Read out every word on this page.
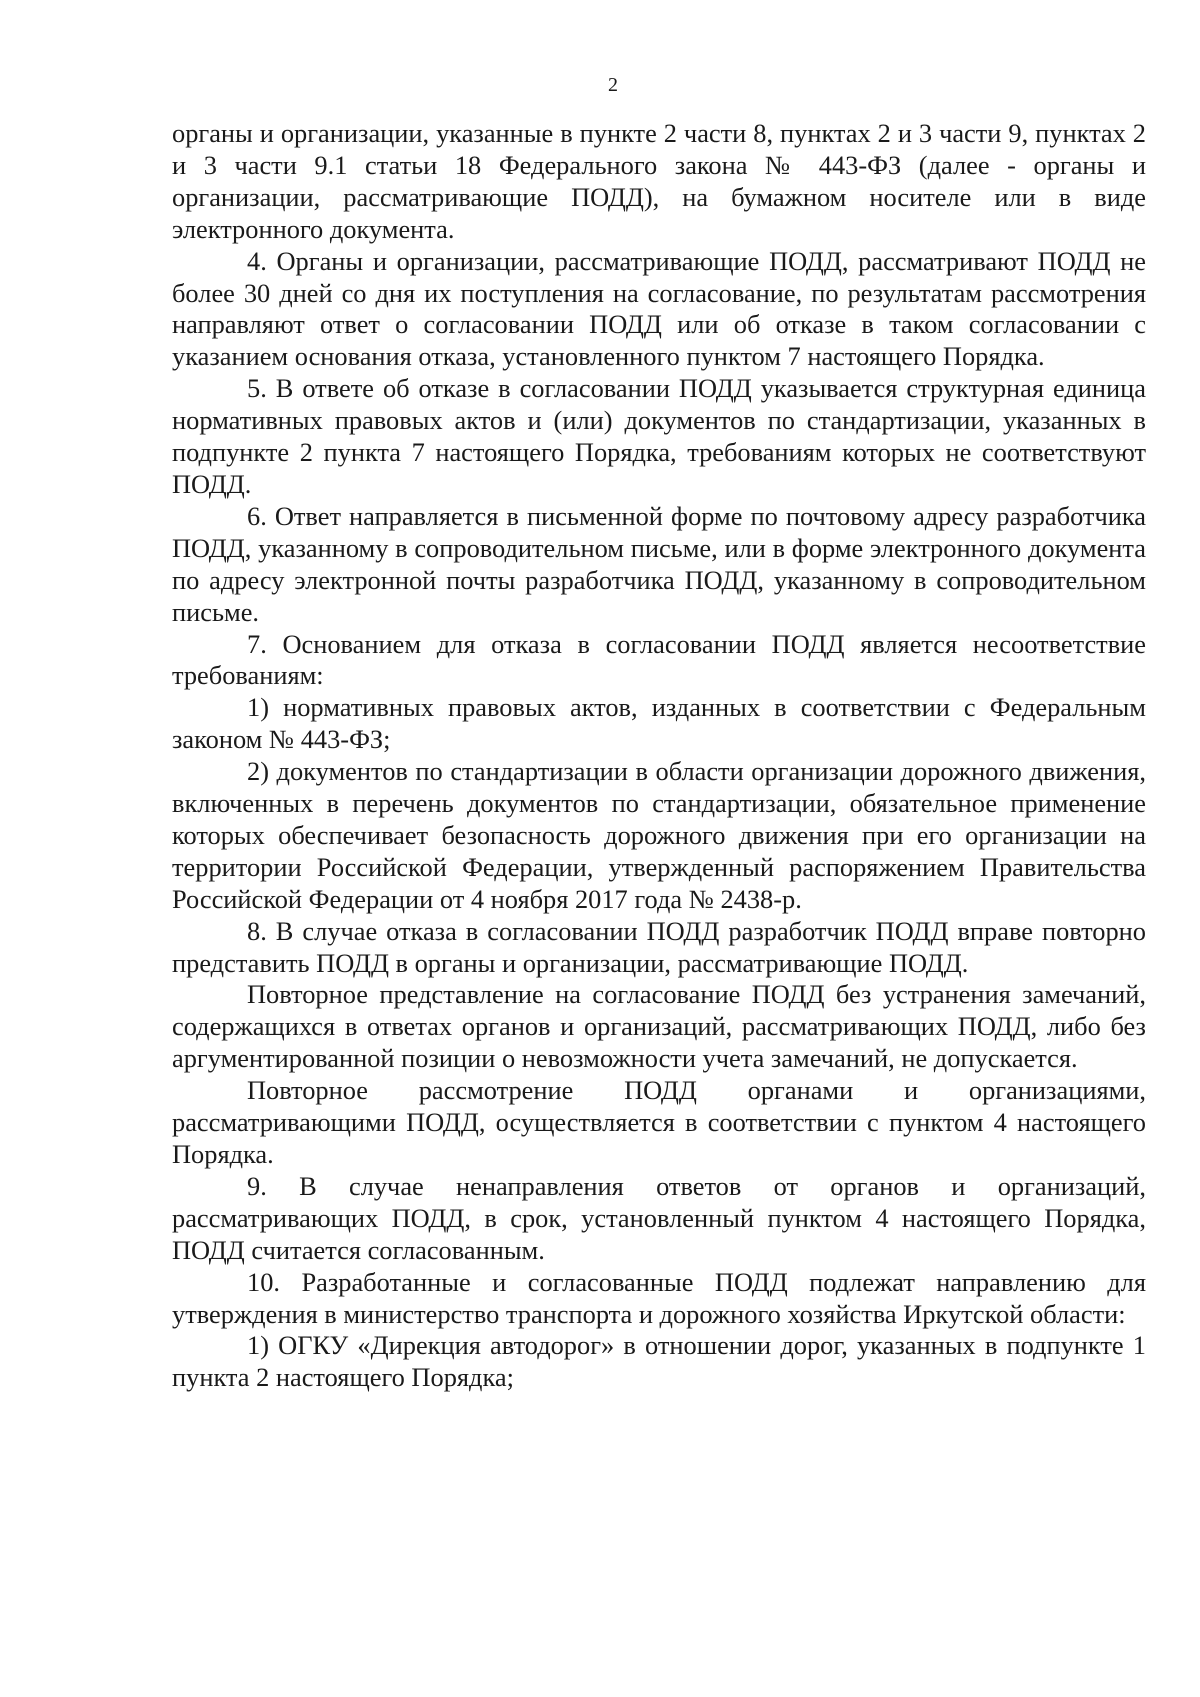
2

органы и организации, указанные в пункте 2 части 8, пунктах 2 и 3 части 9, пунктах 2 и 3 части 9.1 статьи 18 Федерального закона № 443-ФЗ (далее - органы и организации, рассматривающие ПОДД), на бумажном носителе или в виде электронного документа.

4. Органы и организации, рассматривающие ПОДД, рассматривают ПОДД не более 30 дней со дня их поступления на согласование, по результатам рассмотрения направляют ответ о согласовании ПОДД или об отказе в таком согласовании с указанием основания отказа, установленного пунктом 7 настоящего Порядка.

5. В ответе об отказе в согласовании ПОДД указывается структурная единица нормативных правовых актов и (или) документов по стандартизации, указанных в подпункте 2 пункта 7 настоящего Порядка, требованиям которых не соответствуют ПОДД.

6. Ответ направляется в письменной форме по почтовому адресу разработчика ПОДД, указанному в сопроводительном письме, или в форме электронного документа по адресу электронной почты разработчика ПОДД, указанному в сопроводительном письме.

7. Основанием для отказа в согласовании ПОДД является несоответствие требованиям:

1) нормативных правовых актов, изданных в соответствии с Федеральным законом № 443-ФЗ;

2) документов по стандартизации в области организации дорожного движения, включенных в перечень документов по стандартизации, обязательное применение которых обеспечивает безопасность дорожного движения при его организации на территории Российской Федерации, утвержденный распоряжением Правительства Российской Федерации от 4 ноября 2017 года № 2438-р.

8. В случае отказа в согласовании ПОДД разработчик ПОДД вправе повторно представить ПОДД в органы и организации, рассматривающие ПОДД.

Повторное представление на согласование ПОДД без устранения замечаний, содержащихся в ответах органов и организаций, рассматривающих ПОДД, либо без аргументированной позиции о невозможности учета замечаний, не допускается.

Повторное рассмотрение ПОДД органами и организациями, рассматривающими ПОДД, осуществляется в соответствии с пунктом 4 настоящего Порядка.

9. В случае ненаправления ответов от органов и организаций, рассматривающих ПОДД, в срок, установленный пунктом 4 настоящего Порядка, ПОДД считается согласованным.

10. Разработанные и согласованные ПОДД подлежат направлению для утверждения в министерство транспорта и дорожного хозяйства Иркутской области:

1) ОГКУ «Дирекция автодорог» в отношении дорог, указанных в подпункте 1 пункта 2 настоящего Порядка;
